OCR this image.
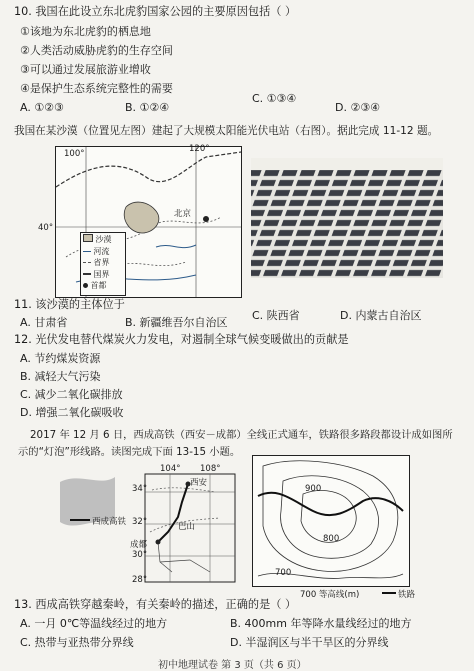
10. 我国在此设立东北虎豹国家公园的主要原因包括（ ）
①该地为东北虎豹的栖息地
②人类活动威胁虎豹的生存空间
③可以通过发展旅游业增收
④是保护生态系统完整性的需要
A. ①②③	B. ①②④
C. ①③④
D. ②③④
我国在某沙漠（位置见左图）建起了大规模太阳能光伏电站（右图）。据此完成 11-12 题。
100°	120°
40°
北京
沙漠
河流
省界
国界
首都
11. 该沙漠的主体位于
A. 甘肃省	B. 新疆维吾尔自治区
C. 陕西省	D. 内蒙古自治区
12. 光伏发电替代煤炭火力发电，对遏制全球气候变暖做出的贡献是
A. 节约煤炭资源
B. 减轻大气污染
C. 减少二氧化碳排放
D. 增强二氧化碳吸收
2017 年 12 月 6 日，西成高铁（西安－成都）全线正式通车，铁路很多路段都设计成如图所
示的“灯泡”形线路。读图完成下面 13-15 小题。
西安
成都
巴山
34°
32°
30°
28°
104° 108°
西成高铁
900
800
700
700 等高线(m)	铁路
13. 西成高铁穿越秦岭，有关秦岭的描述，正确的是（ ）
A. 一月 0℃等温线经过的地方	B. 400mm 年等降水量线经过的地方
C. 热带与亚热带分界线	D. 半湿润区与半干旱区的分界线
初中地理试卷 第 3 页（共 6 页）
